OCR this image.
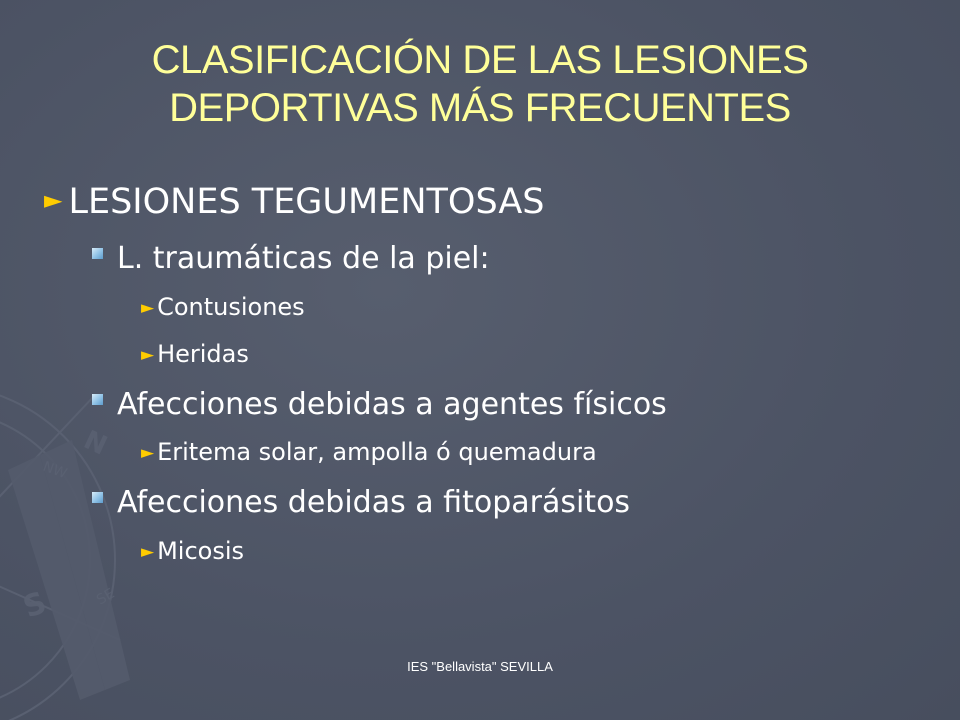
S
N
SE
NW
CLASIFICACIÓN DE LAS LESIONES
DEPORTIVAS MÁS FRECUENTES
► LESIONES TEGUMENTOSAS
L. traumáticas de la piel:
► Contusiones
► Heridas
Afecciones debidas a agentes físicos
► Eritema solar, ampolla ó quemadura
Afecciones debidas a fitoparásitos
► Micosis
IES "Bellavista" SEVILLA
